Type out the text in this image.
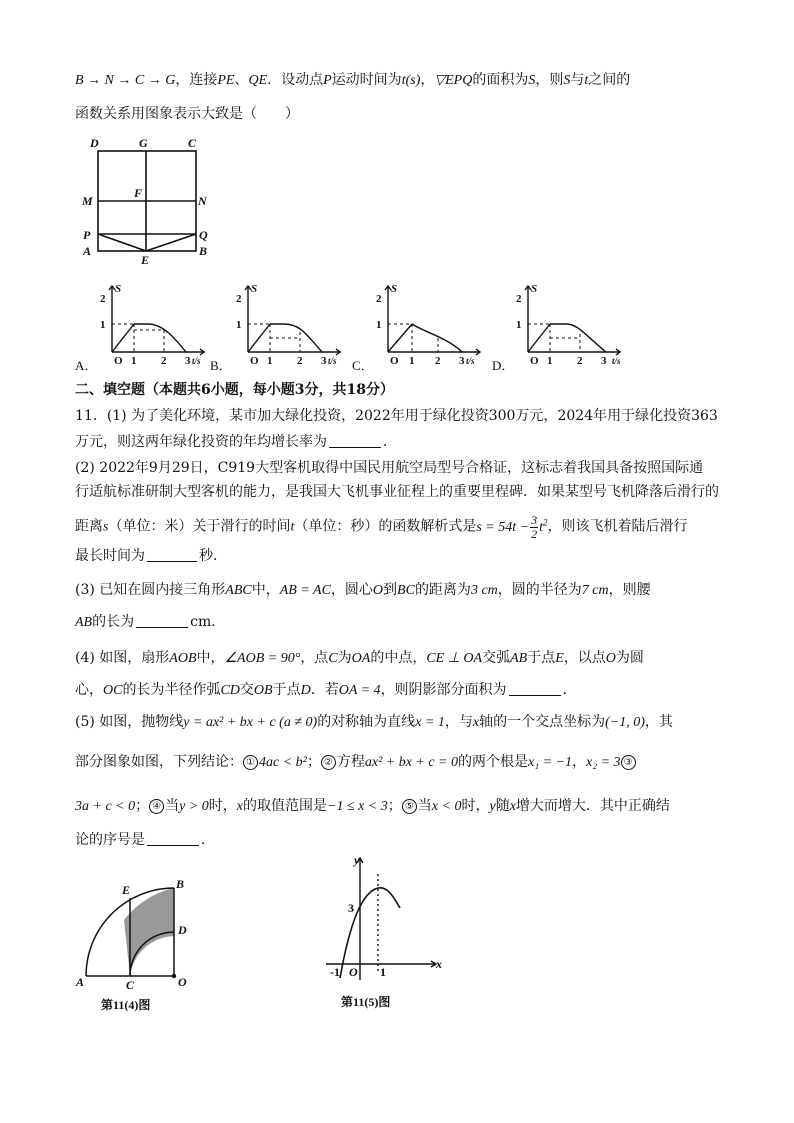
B → N → C → G，连接PE、QE．设动点P运动时间为t(s)，▽EPQ的面积为S，则S与t之间的
函数关系用图象表示大致是（　　）
D	G	C
M
F
N
P	Q
A
E
B
A．	B．	C．	D．
S
2
1
O 1 2 3 t/s
S
2
1
O 1 2 3 t/s
S
2
1
O 1 2 3 t/s
S
2
1
O 1 2 3 t/s
二、填空题（本题共6小题，每小题3分，共18分）
11．(1) 为了美化环境，某市加大绿化投资，2022年用于绿化投资300万元，2024年用于绿化投资363
万元，则这两年绿化投资的年均增长率为	．
(2) 2022年9月29日，C919大型客机取得中国民用航空局型号合格证，这标志着我国具备按照国际通
行适航标准研制大型客机的能力，是我国大飞机事业征程上的重要里程碑．如果某型号飞机降落后滑行的
距离s（单位：米）关于滑行的时间t（单位：秒）的函数解析式是$s = 54t - \frac{3}{2} t^2$，则该飞机着陆后滑行
最长时间为	秒．
(3) 已知在圆内接三角形ABC中，AB = AC，圆心O到BC的距离为3 cm，圆的半径为7 cm，则腰
AB的长为	cm．
(4) 如图，扇形AOB中，∠AOB = 90°，点C为OA的中点，CE ⊥ OA交弧AB于点E，以点O为圆
心，OC的长为半径作弧CD交OB于点D．若OA = 4，则阴影部分面积为	．
(5) 如图，抛物线y = ax² + bx + c (a ≠ 0)的对称轴为直线x = 1，与x轴的一个交点坐标为(−1, 0)，其
部分图象如图，下列结论： ① 4ac < b²； ② 方程ax² + bx + c = 0的两个根是x₁ = −1，x₂ = 3 ③
3a + c < 0； ④ 当y > 0时，x的取值范围是−1 ≤ x < 3； ⑤ 当x < 0时，y随x增大而增大．其中正确结
论的序号是	．
E	B
D
A	C	O
第11(4)图
y
x
3
-1 O 1
第11(5)图
